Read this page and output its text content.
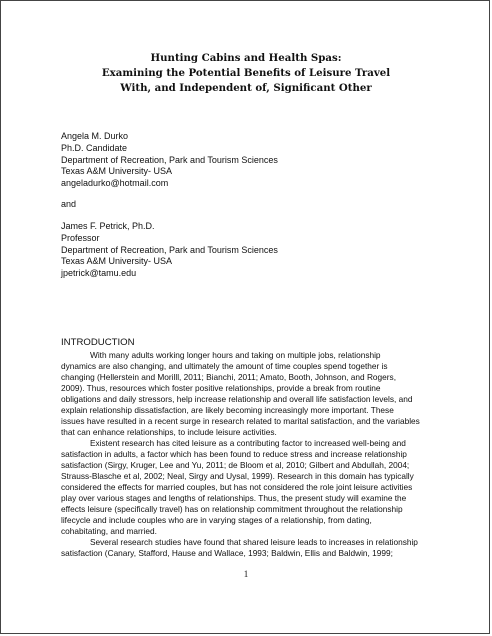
Hunting Cabins and Health Spas:
Examining the Potential Benefits of Leisure Travel
With, and Independent of, Significant Other
Angela M. Durko
Ph.D. Candidate
Department of Recreation, Park and Tourism Sciences
Texas A&M University- USA
angeladurko@hotmail.com
and
James F. Petrick, Ph.D.
Professor
Department of Recreation, Park and Tourism Sciences
Texas A&M University- USA
jpetrick@tamu.edu
INTRODUCTION
With many adults working longer hours and taking on multiple jobs, relationship
dynamics are also changing, and ultimately the amount of time couples spend together is
changing (Hellerstein and Morilll, 2011; Bianchi, 2011; Amato, Booth, Johnson, and Rogers,
2009). Thus, resources which foster positive relationships, provide a break from routine
obligations and daily stressors, help increase relationship and overall life satisfaction levels, and
explain relationship dissatisfaction, are likely becoming increasingly more important. These
issues have resulted in a recent surge in research related to marital satisfaction, and the variables
that can enhance relationships, to include leisure activities.
Existent research has cited leisure as a contributing factor to increased well-being and
satisfaction in adults, a factor which has been found to reduce stress and increase relationship
satisfaction (Sirgy, Kruger, Lee and Yu, 2011; de Bloom et al, 2010; Gilbert and Abdullah, 2004;
Strauss-Blasche et al, 2002; Neal, Sirgy and Uysal, 1999). Research in this domain has typically
considered the effects for married couples, but has not considered the role joint leisure activities
play over various stages and lengths of relationships. Thus, the present study will examine the
effects leisure (specifically travel) has on relationship commitment throughout the relationship
lifecycle and include couples who are in varying stages of a relationship, from dating,
cohabitating, and married.
Several research studies have found that shared leisure leads to increases in relationship
satisfaction (Canary, Stafford, Hause and Wallace, 1993; Baldwin, Ellis and Baldwin, 1999;
1
